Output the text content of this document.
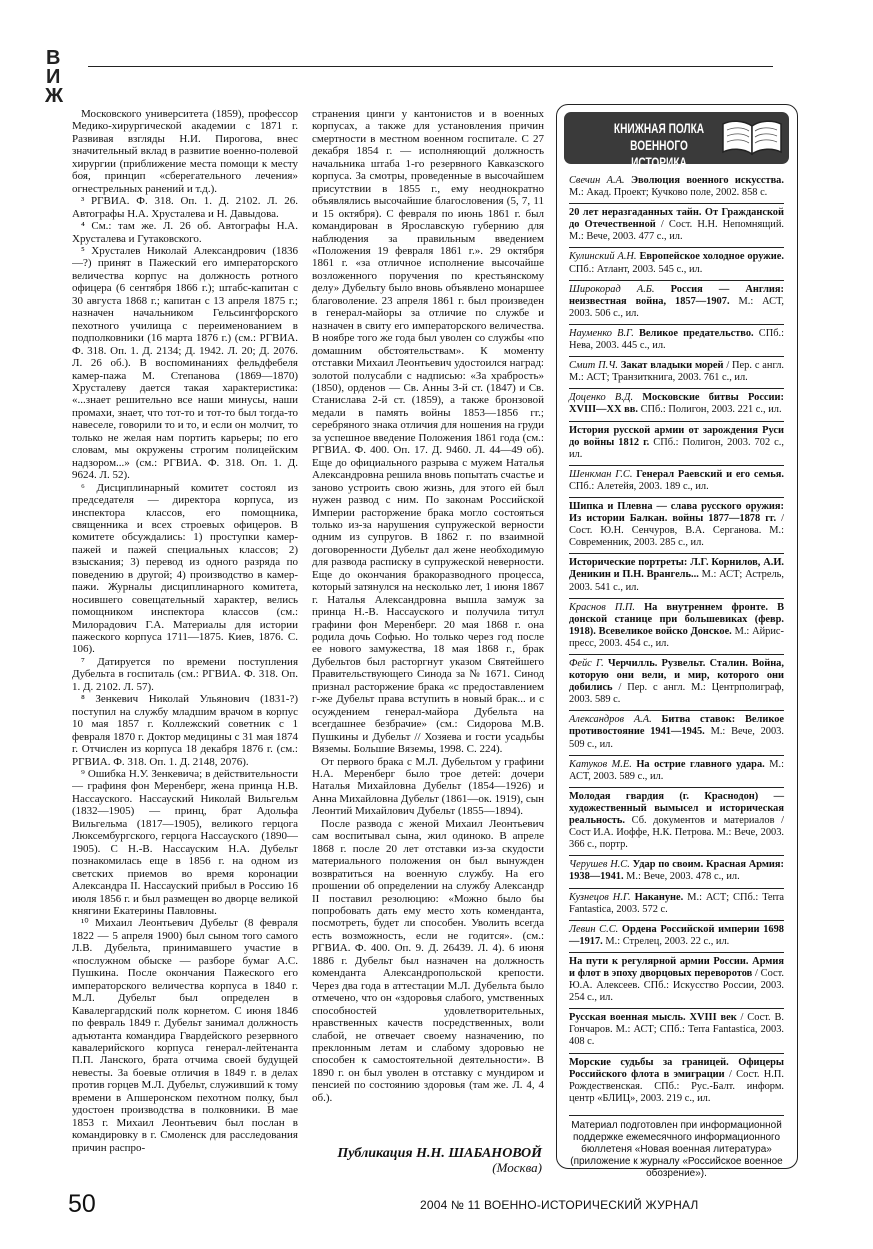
В
И
Ж

Московского университета (1859), профессор Медико-хирургической академии с 1871 г. Развивая взгляды Н.И. Пирогова, внес значительный вклад в развитие военно-полевой хирургии (приближение места помощи к месту боя, принцип «сберегательного лечения» огнестрельных ранений и т.д.).

³ РГВИА. Ф. 318. Оп. 1. Д. 2102. Л. 26. Автографы Н.А. Хрусталева и Н. Давыдова.

⁴ См.: там же. Л. 26 об. Автографы Н.А. Хрусталева и Гутаковского.

⁵ Хрусталев Николай Александрович (1836—?) принят в Пажеский его императорского величества корпус на должность ротного офицера (6 сентября 1866 г.); штабс-капитан с 30 августа 1868 г.; капитан с 13 апреля 1875 г.; назначен начальником Гельсингфорского пехотного училища с переименованием в подполковники (16 марта 1876 г.) (см.: РГВИА. Ф. 318. Оп. 1. Д. 2134; Д. 1942. Л. 20; Д. 2076. Л. 26 об.). В воспоминаниях фельдфебеля камер-пажа М. Степанова (1869—1870) Хрусталеву дается такая характеристика: «...знает решительно все наши минусы, наши промахи, знает, что тот-то и тот-то был тогда-то навеселе, говорили то и то, и если он молчит, то только не желая нам портить карьеры; по его словам, мы окружены строгим полицейским надзором...» (см.: РГВИА. Ф. 318. Оп. 1. Д. 9624. Л. 52).

⁶ Дисциплинарный комитет состоял из председателя — директора корпуса, из инспектора классов, его помощника, священника и всех строевых офицеров. В комитете обсуждались: 1) проступки камер-пажей и пажей специальных классов; 2) взыскания; 3) перевод из одного разряда по поведению в другой; 4) производство в камер-пажи. Журналы дисциплинарного комитета, носившего совещательный характер, велись помощником инспектора классов (см.: Милорадович Г.А. Материалы для истории пажеского корпуса 1711—1875. Киев, 1876. С. 106).

⁷ Датируется по времени поступления Дубельта в госпиталь (см.: РГВИА. Ф. 318. Оп. 1. Д. 2102. Л. 57).

⁸ Зенкевич Николай Ульянович (1831-?) поступил на службу младшим врачом в корпус 10 мая 1857 г. Коллежский советник с 1 февраля 1870 г. Доктор медицины с 31 мая 1874 г. Отчислен из корпуса 18 декабря 1876 г. (см.: РГВИА. Ф. 318. Оп. 1. Д. 2148, 2076).

⁹ Ошибка Н.У. Зенкевича; в действительности — графиня фон Меренберг, жена принца Н.В. Нассауского. Нассауский Николай Вильгельм (1832—1905) — принц, брат Адольфа Вильгельма (1817—1905), великого герцога Люксембургского, герцога Нассауского (1890—1905). С Н.-В. Нассауским Н.А. Дубельт познакомилась еще в 1856 г. на одном из светских приемов во время коронации Александра II. Нассауский прибыл в Россию 16 июля 1856 г. и был размещен во дворце великой княгини Екатерины Павловны.

¹⁰ Михаил Леонтьевич Дубельт (8 февраля 1822 — 5 апреля 1900) был сыном того самого Л.В. Дубельта, принимавшего участие в «послужном обыске — разборе бумаг А.С. Пушкина. После окончания Пажеского его императорского величества корпуса в 1840 г. М.Л. Дубельт был определен в Кавалергардский полк корнетом. С июня 1846 по февраль 1849 г. Дубельт занимал должность адъютанта командира Гвардейского резервного кавалерийского корпуса генерал-лейтенанта П.П. Ланского, брата отчима своей будущей невесты. За боевые отличия в 1849 г. в делах против горцев М.Л. Дубельт, служивший к тому времени в Апшеронском пехотном полку, был удостоен производства в полковники. В мае 1853 г. Михаил Леонтьевич был послан в командировку в г. Смоленск для расследования причин распро-

странения цинги у кантонистов и в военных корпусах, а также для установления причин смертности в местном военном госпитале. С 27 декабря 1854 г. — исполняющий должность начальника штаба 1-го резервного Кавказского корпуса. За смотры, проведенные в высочайшем присутствии в 1855 г., ему неоднократно объявлялись высочайшие благословения (5, 7, 11 и 15 октября). С февраля по июнь 1861 г. был командирован в Ярославскую губернию для наблюдения за правильным введением «Положения 19 февраля 1861 г.». 29 октября 1861 г. «за отличное исполнение высочайше возложенного поручения по крестьянскому делу» Дубельту было вновь объявлено монаршее благоволение. 23 апреля 1861 г. был произведен в генерал-майоры за отличие по службе и назначен в свиту его императорского величества. В ноябре того же года был уволен со службы «по домашним обстоятельствам». К моменту отставки Михаил Леонтьевич удостоился наград: золотой полусабли с надписью: «За храбрость» (1850), орденов — Св. Анны 3-й ст. (1847) и Св. Станислава 2-й ст. (1859), а также бронзовой медали в память войны 1853—1856 гг.; серебряного знака отличия для ношения на груди за успешное введение Положения 1861 года (см.: РГВИА. Ф. 400. Оп. 17. Д. 9460. Л. 44—49 об). Еще до официального разрыва с мужем Наталья Александровна решила вновь попытать счастье и заново устроить свою жизнь, для этого ей был нужен развод с ним. По законам Российской Империи расторжение брака могло состояться только из-за нарушения супружеской верности одним из супругов. В 1862 г. по взаимной договоренности Дубельт дал жене необходимую для развода расписку в супружеской неверности. Еще до окончания бракоразводного процесса, который затянулся на несколько лет, 1 июня 1867 г. Наталья Александровна вышла замуж за принца Н.-В. Нассауского и получила титул графини фон Меренберг. 20 мая 1868 г. она родила дочь Софью. Но только через год после ее нового замужества, 18 мая 1868 г., брак Дубельтов был расторгнут указом Святейшего Правительствующего Синода за № 1671. Синод признал расторжение брака «с предоставлением г-же Дубельт права вступить в новый брак... и с осуждением генерал-майора Дубельта на всегдашнее безбрачие» (см.: Сидорова М.В. Пушкины и Дубельт // Хозяева и гости усадьбы Вяземы. Большие Вяземы, 1998. С. 224).

От первого брака с М.Л. Дубельтом у графини Н.А. Меренберг было трое детей: дочери Наталья Михайловна Дубельт (1854—1926) и Анна Михайловна Дубельт (1861—ок. 1919), сын Леонтий Михайлович Дубельт (1855—1894).

После развода с женой Михаил Леонтьевич сам воспитывал сына, жил одиноко. В апреле 1868 г. после 20 лет отставки из-за скудости материального положения он был вынужден возвратиться на военную службу. На его прошении об определении на службу Александр II поставил резолюцию: «Можно было бы попробовать дать ему место хоть коменданта, посмотреть, будет ли способен. Уволить всегда есть возможность, если не годится». (см.: РГВИА. Ф. 400. Оп. 9. Д. 26439. Л. 4). 6 июня 1886 г. Дубельт был назначен на должность коменданта Александропольской крепости. Через два года в аттестации М.Л. Дубельта было отмечено, что он «здоровья слабого, умственных способностей удовлетворительных, нравственных качеств посредственных, воли слабой, не отвечает своему назначению, по преклонным летам и слабому здоровью не способен к самостоятельной деятельности». В 1890 г. он был уволен в отставку с мундиром и пенсией по состоянию здоровья (там же. Л. 4, 4 об.).

Публикация Н.Н. ШАБАНОВОЙ
(Москва)
КНИЖНАЯ ПОЛКА ВОЕННОГО ИСТОРИКА
Свечин А.А. Эволюция военного искусства. М.: Акад. Проект; Кучково поле, 2002. 858 с.
20 лет неразгаданных тайн. От Гражданской до Отечественной / Сост. Н.Н. Непомнящий. М.: Вече, 2003. 477 с., ил.
Кулинский А.Н. Европейское холодное оружие. СПб.: Атлант, 2003. 545 с., ил.
Широкорад А.Б. Россия — Англия: неизвестная война, 1857—1907. М.: АСТ, 2003. 506 с., ил.
Науменко В.Г. Великое предательство. СПб.: Нева, 2003. 445 с., ил.
Смит П.Ч. Закат владыки морей / Пер. с англ. М.: АСТ; Транзиткнига, 2003. 761 с., ил.
Доценко В.Д. Московские битвы России: XVIII—XX вв. СПб.: Полигон, 2003. 221 с., ил.
История русской армии от зарождения Руси до войны 1812 г. СПб.: Полигон, 2003. 702 с., ил.
Шенкман Г.С. Генерал Раевский и его семья. СПб.: Алетейя, 2003. 189 с., ил.
Шипка и Плевна — слава русского оружия: Из истории Балкан. войны 1877—1878 гг. / Сост. Ю.Н. Сенчуров, В.А. Серганова. М.: Современник, 2003. 285 с., ил.
Исторические портреты: Л.Г. Корнилов, А.И. Деникин и П.Н. Врангель... М.: АСТ; Астрель, 2003. 541 с., ил.
Краснов П.П. На внутреннем фронте. В донской станице при большевиках (февр. 1918). Всевеликое войско Донское. М.: Айрис-пресс, 2003. 454 с., ил.
Фейс Г. Черчилль. Рузвельт. Сталин. Война, которую они вели, и мир, которого они добились / Пер. с англ. М.: Центрполиграф, 2003. 589 с.
Александров А.А. Битва ставок: Великое противостояние 1941—1945. М.: Вече, 2003. 509 с., ил.
Катуков М.Е. На острие главного удара. М.: АСТ, 2003. 589 с., ил.
Молодая гвардия (г. Краснодон) — художественный вымысел и историческая реальность. Сб. документов и материалов / Сост И.А. Иоффе, Н.К. Петрова. М.: Вече, 2003. 366 с., портр.
Черушев Н.С. Удар по своим. Красная Армия: 1938—1941. М.: Вече, 2003. 478 с., ил.
Кузнецов Н.Г. Накануне. М.: АСТ; СПб.: Terra Fantastica, 2003. 572 с.
Левин С.С. Ордена Российской империи 1698—1917. М.: Стрелец, 2003. 22 с., ил.
На пути к регулярной армии России. Армия и флот в эпоху дворцовых переворотов / Сост. Ю.А. Алексеев. СПб.: Искусство России, 2003. 254 с., ил.
Русская военная мысль. XVIII век / Сост. В. Гончаров. М.: АСТ; СПб.: Terra Fantastica, 2003. 408 с.
Морские судьбы за границей. Офицеры Российского флота в эмиграции / Сост. Н.П. Рождественская. СПб.: Рус.-Балт. информ. центр «БЛИЦ», 2003. 219 с., ил.
Материал подготовлен при информационной поддержке ежемесячного информационного бюллетеня «Новая военная литература» (приложение к журналу «Российское военное обозрение»).
50	2004 № 11 ВОЕННО-ИСТОРИЧЕСКИЙ ЖУРНАЛ
